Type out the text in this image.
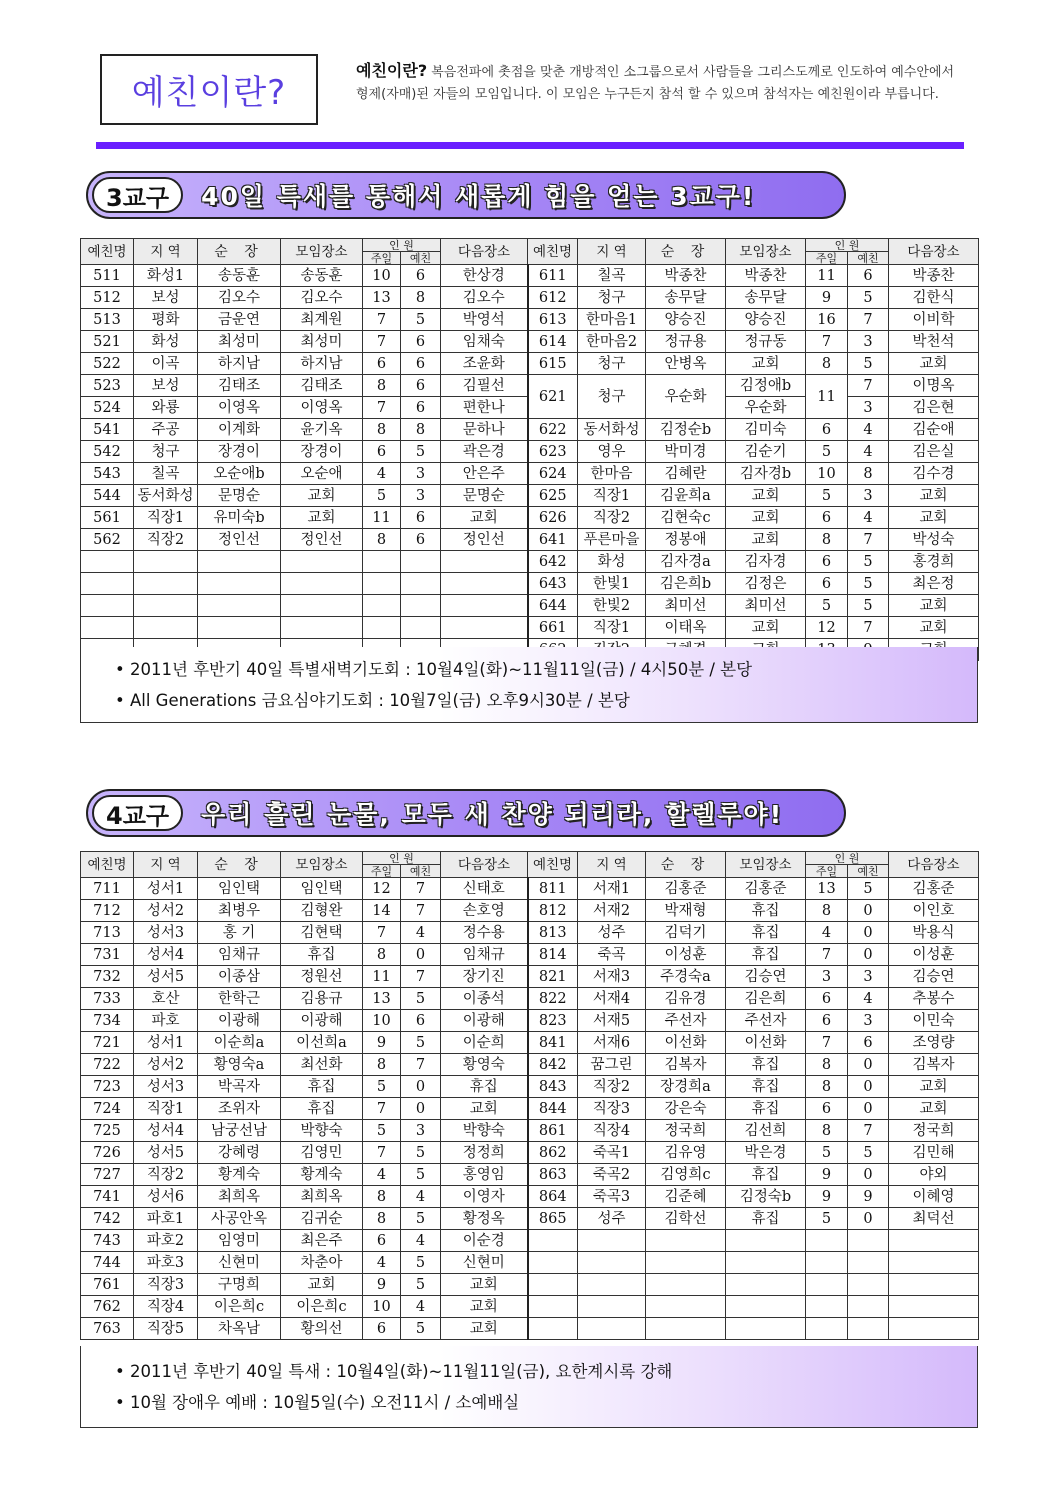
예친이란?
예친이란? 복음전파에 촛점을 맞춘 개방적인 소그룹으로서 사람들을 그리스도께로 인도하여 예수안에서 형제(자매)된 자들의 모임입니다. 이 모임은 누구든지 참석 할 수 있으며 참석자는 예친원이라 부릅니다.
3교구	40일 특새를 통해서 새롭게 힘을 얻는 3교구!
예친명	지 역	순 장	모임장소	인 원		다음장소	예친명	지 역	순 장	모임장소	인 원		다음장소
				주일	예친						주일	예친	
511	화성1	송동훈	송동훈	10	6	한상경	611	칠곡	박종찬	박종찬	11	6	박종찬
512	보성	김오수	김오수	13	8	김오수	612	청구	송무달	송무달	9	5	김한식
513	평화	금운연	최계원	7	5	박영석	613	한마음1	양승진	양승진	16	7	이비학
521	화성	최성미	최성미	7	6	임채숙	614	한마음2	정규용	정규동	7	3	박천석
522	이곡	하지남	하지남	6	6	조윤화	615	청구	안병옥	교회	8	5	교회
523	보성	김태조	김태조	8	6	김필선	621	청구	우순화	김정애b	11	7	이명옥
524	와룡	이영옥	이영옥	7	6	편한나				우순화		3	김은현
541	주공	이계화	윤기옥	8	8	문하나	622	동서화성	김정순b	김미숙	6	4	김순애
542	청구	장경이	장경이	6	5	곽은경	623	영우	박미경	김순기	5	4	김은실
543	칠곡	오순애b	오순애	4	3	안은주	624	한마음	김혜란	김자경b	10	8	김수경
544	동서화성	문명순	교회	5	3	문명순	625	직장1	김윤희a	교회	5	3	교회
561	직장1	유미숙b	교회	11	6	교회	626	직장2	김현숙c	교회	6	4	교회
562	직장2	정인선	정인선	8	6	정인선	641	푸른마을	정봉애	교회	8	7	박성숙
							642	화성	김자경a	김자경	6	5	홍경희
							643	한빛1	김은희b	김정은	6	5	최은정
							644	한빛2	최미선	최미선	5	5	교회
							661	직장1	이태옥	교회	12	7	교회

• 2011년 후반기 40일 특별새벽기도회 : 10월4일(화)~11월11일(금) / 4시50분 / 본당
• All Generations 금요심야기도회 : 10월7일(금) 오후9시30분 / 본당
4교구	우리 흘린 눈물, 모두 새 찬양 되리라, 할렐루야!
예친명	지 역	순 장	모임장소	인 원		다음장소	예친명	지 역	순 장	모임장소	인 원		다음장소
				주일	예친						주일	예친	
711	성서1	임인택	임인택	12	7	신태호	811	서재1	김홍준	김홍준	13	5	김홍준
712	성서2	최병우	김형완	14	7	손호영	812	서재2	박재형	휴집	8	0	이인호
713	성서3	홍 기	김현택	7	4	정수용	813	성주	김덕기	휴집	4	0	박용식
731	성서4	임채규	휴집	8	0	임채규	814	죽곡	이성훈	휴집	7	0	이성훈
732	성서5	이종삼	정원선	11	7	장기진	821	서재3	주경숙a	김승연	3	3	김승연
733	호산	한학근	김용규	13	5	이종석	822	서재4	김유경	김은희	6	4	추봉수
734	파호	이광해	이광해	10	6	이광해	823	서재5	주선자	주선자	6	3	이민숙
721	성서1	이순희a	이선희a	9	5	이순희	841	서재6	이선화	이선화	7	6	조영량
722	성서2	황영숙a	최선화	8	7	황영숙	842	꿈그린	김복자	휴집	8	0	김복자
723	성서3	박곡자	휴집	5	0	휴집	843	직장2	장경희a	휴집	8	0	교회
724	직장1	조위자	휴집	7	0	교회	844	직장3	강은숙	휴집	6	0	교회
725	성서4	남궁선남	박향숙	5	3	박향숙	861	직장4	정국희	김선희	8	7	정국희
726	성서5	강혜령	김영민	7	5	정정희	862	죽곡1	김유영	박은경	5	5	김민해
727	직장2	황계숙	황계숙	4	5	홍영임	863	죽곡2	김영희c	휴집	9	0	야외
741	성서6	최희옥	최희옥	8	4	이영자	864	죽곡3	김준혜	김정숙b	9	9	이혜영
742	파호1	사공안옥	김귀순	8	5	황정옥	865	성주	김학선	휴집	5	0	최덕선
743	파호2	임영미	최은주	6	4	이순경							
744	파호3	신현미	차춘아	4	5	신현미							
761	직장3	구명희	교회	9	5	교회							
762	직장4	이은희c	이은희c	10	4	교회							
763	직장5	차옥남	황의선	6	5	교회							
• 2011년 후반기 40일 특새 : 10월4일(화)~11월11일(금), 요한계시록 강해
• 10월 장애우 예배 : 10월5일(수) 오전11시 / 소예배실
